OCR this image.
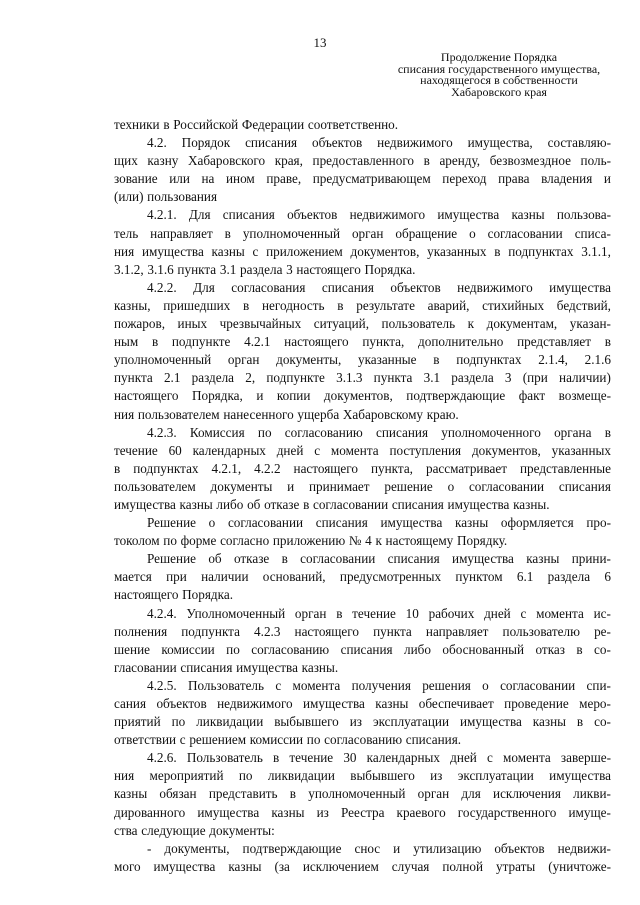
13
Продолжение Порядка
списания государственного имущества,
находящегося в собственности
Хабаровского края
техники в Российской Федерации соответственно.
4.2. Порядок списания объектов недвижимого имущества, составляю-
щих казну Хабаровского края, предоставленного в аренду, безвозмездное поль-
зование или на ином праве, предусматривающем переход права владения и
(или) пользования
4.2.1. Для списания объектов недвижимого имущества казны пользова-
тель направляет в уполномоченный орган обращение о согласовании списа-
ния имущества казны с приложением документов, указанных в подпунктах 3.1.1,
3.1.2, 3.1.6 пункта 3.1 раздела 3 настоящего Порядка.
4.2.2. Для согласования списания объектов недвижимого имущества
казны, пришедших в негодность в результате аварий, стихийных бедствий,
пожаров, иных чрезвычайных ситуаций, пользователь к документам, указан-
ным в подпункте 4.2.1 настоящего пункта, дополнительно представляет в
уполномоченный орган документы, указанные в подпунктах 2.1.4, 2.1.6
пункта 2.1 раздела 2, подпункте 3.1.3 пункта 3.1 раздела 3 (при наличии)
настоящего Порядка, и копии документов, подтверждающие факт возмеще-
ния пользователем нанесенного ущерба Хабаровскому краю.
4.2.3. Комиссия по согласованию списания уполномоченного органа в
течение 60 календарных дней с момента поступления документов, указанных
в подпунктах 4.2.1, 4.2.2 настоящего пункта, рассматривает представленные
пользователем документы и принимает решение о согласовании списания
имущества казны либо об отказе в согласовании списания имущества казны.
Решение о согласовании списания имущества казны оформляется про-
токолом по форме согласно приложению № 4 к настоящему Порядку.
Решение об отказе в согласовании списания имущества казны прини-
мается при наличии оснований, предусмотренных пунктом 6.1 раздела 6
настоящего Порядка.
4.2.4. Уполномоченный орган в течение 10 рабочих дней с момента ис-
полнения подпункта 4.2.3 настоящего пункта направляет пользователю ре-
шение комиссии по согласованию списания либо обоснованный отказ в со-
гласовании списания имущества казны.
4.2.5. Пользователь с момента получения решения о согласовании спи-
сания объектов недвижимого имущества казны обеспечивает проведение меро-
приятий по ликвидации выбывшего из эксплуатации имущества казны в со-
ответствии с решением комиссии по согласованию списания.
4.2.6. Пользователь в течение 30 календарных дней с момента заверше-
ния мероприятий по ликвидации выбывшего из эксплуатации имущества
казны обязан представить в уполномоченный орган для исключения ликви-
дированного имущества казны из Реестра краевого государственного имуще-
ства следующие документы:
- документы, подтверждающие снос и утилизацию объектов недвижи-
мого имущества казны (за исключением случая полной утраты (уничтоже-
